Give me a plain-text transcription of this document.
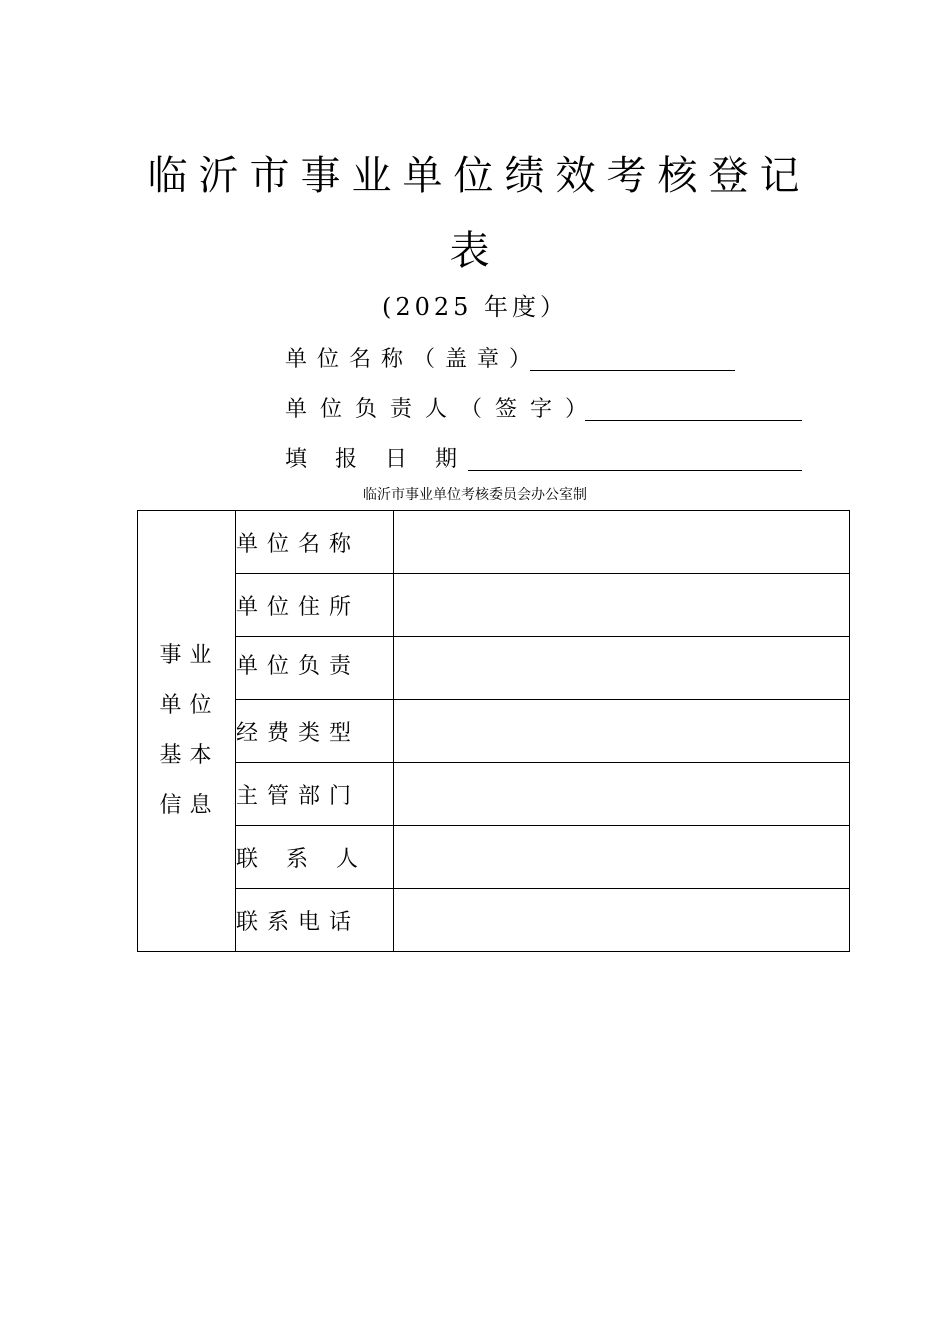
临沂市事业单位绩效考核登记
表
(2025 年度）
单位名称（盖章）
单位负责人（签字）
填报日期
临沂市事业单位考核委员会办公室制
事业单位基本信息	单位名称	
	单位住所	
	单位负责	
	经费类型	
	主管部门	
	联系人	
	联系电话	
